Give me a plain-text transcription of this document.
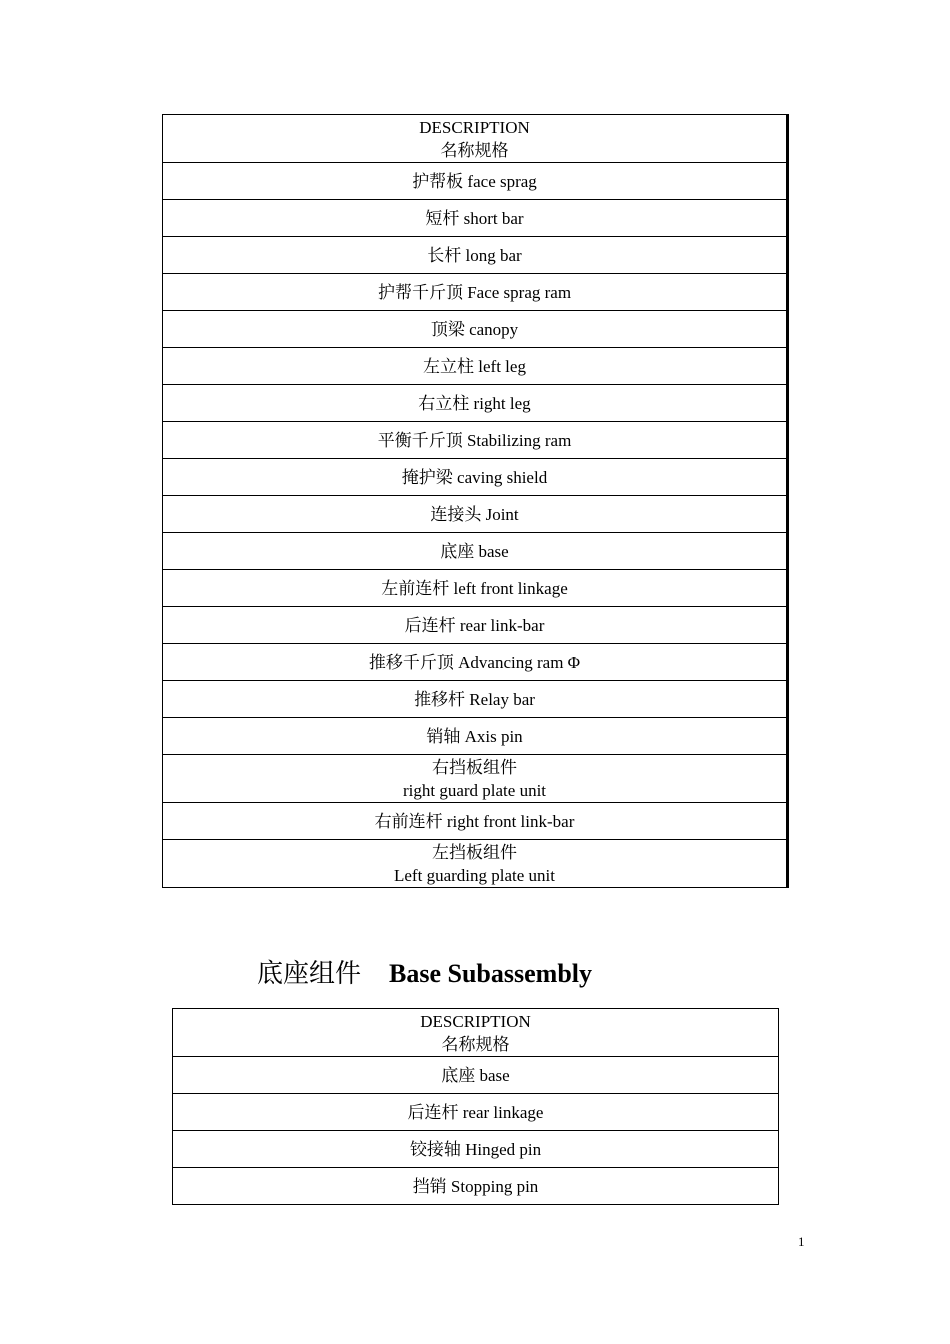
DESCRIPTION
名称规格

护帮板 face sprag
短杆 short bar
长杆 long bar
护帮千斤顶 Face sprag ram
顶梁 canopy
左立柱 left leg
右立柱 right leg
平衡千斤顶 Stabilizing ram
掩护梁 caving shield
连接头 Joint
底座 base
左前连杆 left front linkage
后连杆 rear link-bar
推移千斤顶 Advancing ram Φ
推移杆 Relay bar
销轴 Axis pin

右挡板组件
right guard plate unit

右前连杆 right front link-bar

左挡板组件
Left guarding plate unit
底座组件 Base Subassembly
DESCRIPTION
名称规格

底座 base
后连杆 rear linkage
铰接轴 Hinged pin
挡销 Stopping pin
1
